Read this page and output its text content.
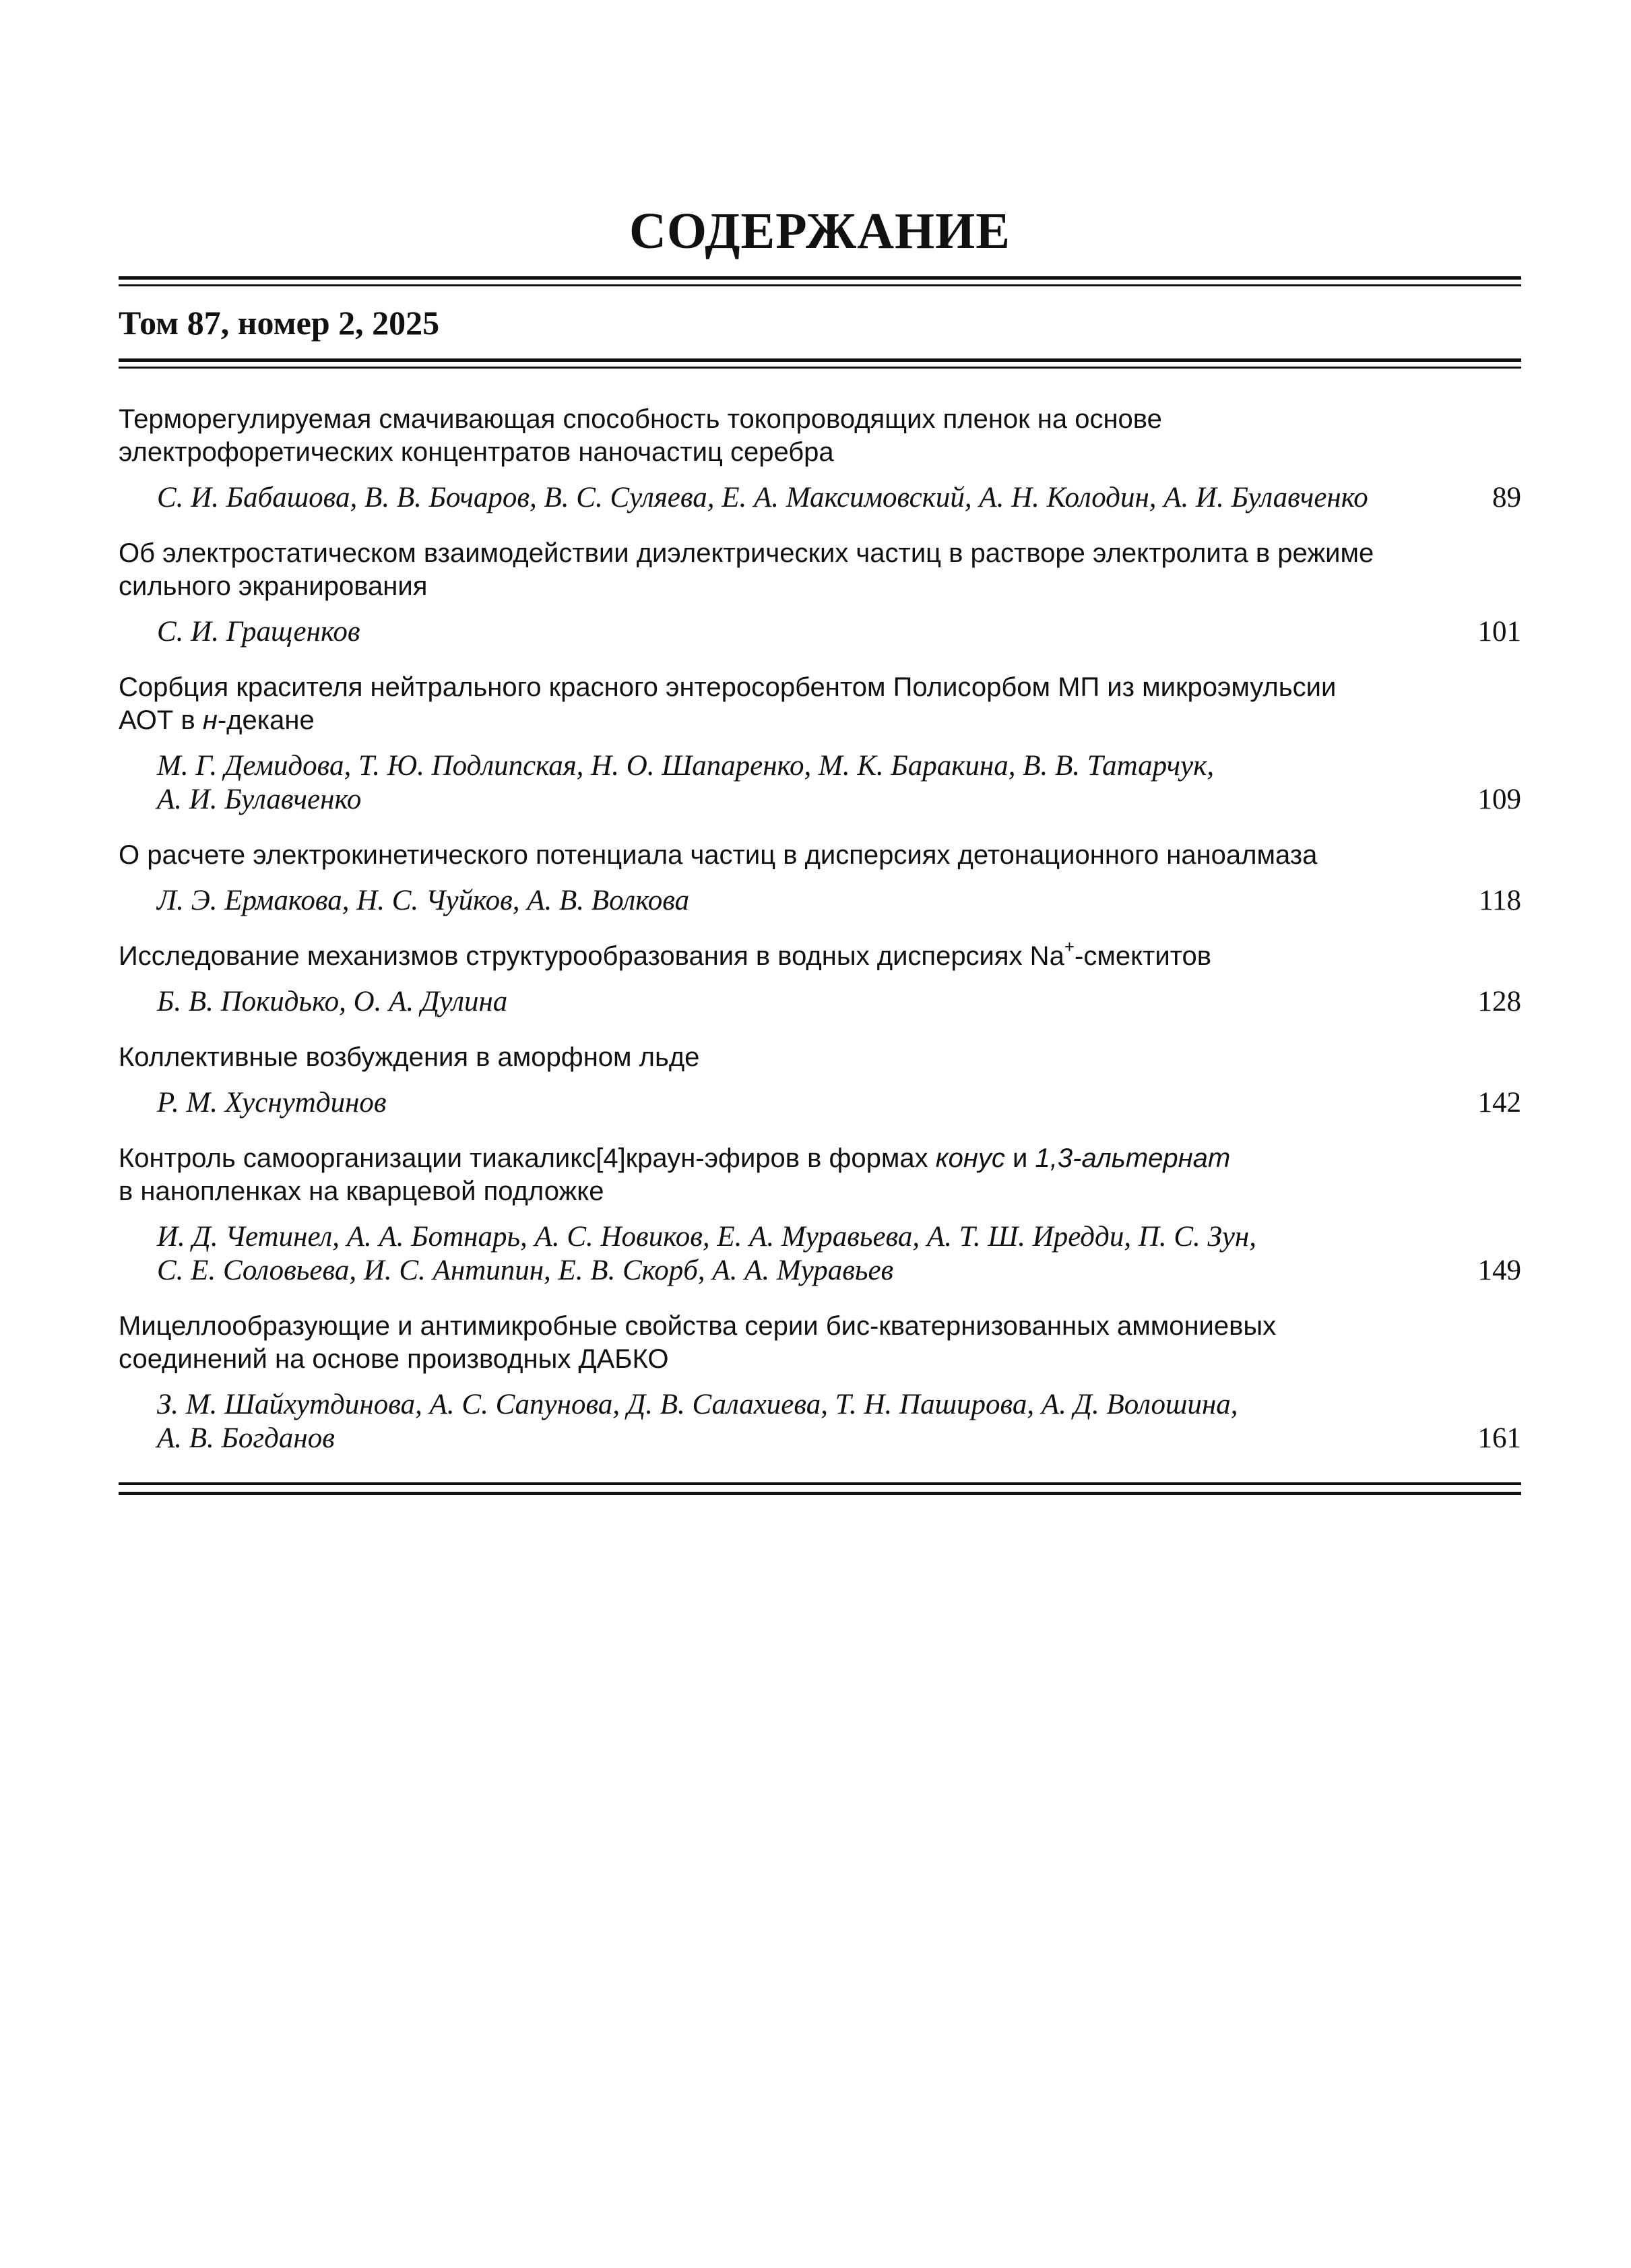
СОДЕРЖАНИЕ
Том 87, номер 2, 2025
Терморегулируемая смачивающая способность токопроводящих пленок на основе
электрофоретических концентратов наночастиц серебра
С. И. Бабашова, В. В. Бочаров, В. С. Суляева, Е. А. Максимовский, А. Н. Колодин, А. И. Булавченко	89
Об электростатическом взаимодействии диэлектрических частиц в растворе электролита в режиме
сильного экранирования
С. И. Гращенков	101
Сорбция красителя нейтрального красного энтеросорбентом Полисорбом МП из микроэмульсии
АОТ в н-декане
М. Г. Демидова, Т. Ю. Подлипская, Н. О. Шапаренко, М. К. Баракина, В. В. Татарчук,
А. И. Булавченко	109
О расчете электрокинетического потенциала частиц в дисперсиях детонационного наноалмаза
Л. Э. Ермакова, Н. С. Чуйков, А. В. Волкова	118
Исследование механизмов структурообразования в водных дисперсиях Na+-смектитов
Б. В. Покидько, О. А. Дулина	128
Коллективные возбуждения в аморфном льде
Р. М. Хуснутдинов	142
Контроль самоорганизации тиакаликс[4]краун-эфиров в формах конус и 1,3-альтернат
в нанопленках на кварцевой подложке
И. Д. Четинел, А. А. Ботнарь, А. С. Новиков, Е. А. Муравьева, А. Т. Ш. Иредди, П. С. Зун,
С. Е. Соловьева, И. С. Антипин, Е. В. Скорб, А. А. Муравьев	149
Мицеллообразующие и антимикробные свойства серии бис-кватернизованных аммониевых
соединений на основе производных ДАБКО
З. М. Шайхутдинова, А. С. Сапунова, Д. В. Салахиева, Т. Н. Паширова, А. Д. Волошина,
А. В. Богданов	161
